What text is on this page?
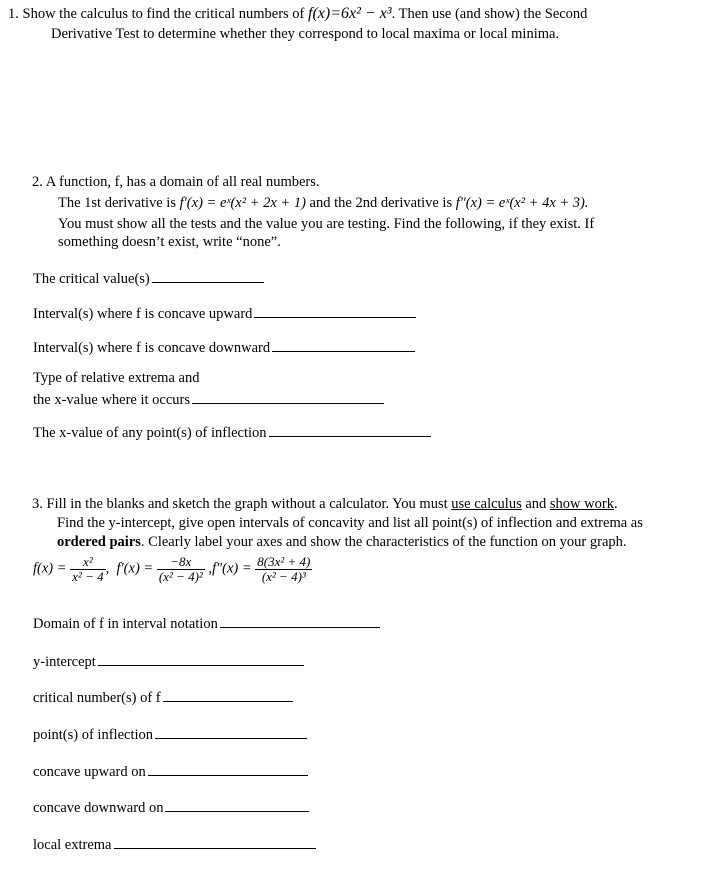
1. Show the calculus to find the critical numbers of f(x)=6x² − x³. Then use (and show) the Second
Derivative Test to determine whether they correspond to local maxima or local minima.
2. A function, f, has a domain of all real numbers.
The 1st derivative is f′(x) = eˣ(x² + 2x + 1) and the 2nd derivative is f″(x) = eˣ(x² + 4x + 3).
You must show all the tests and the value you are testing. Find the following, if they exist. If
something doesn’t exist, write “none”.
The critical value(s)
Interval(s) where f is concave upward
Interval(s) where f is concave downward
Type of relative extrema and
the x-value where it occurs
The x-value of any point(s) of inflection
3. Fill in the blanks and sketch the graph without a calculator. You must use calculus and show work.
Find the y-intercept, give open intervals of concavity and list all point(s) of inflection and extrema as
ordered pairs. Clearly label your axes and show the characteristics of the function on your graph.
$f(x) = \frac{\text{x²}}{\text{x² − 4}}$ , $f'(x) = \frac{-8x}{\text{(x² − 4)²}} ,f''(x) = \frac{\text{8(3x² + 4)}}{\text{(x² − 4)³}}$
Domain of f in interval notation
y-intercept
critical number(s) of f
point(s) of inflection
concave upward on
concave downward on
local extrema
